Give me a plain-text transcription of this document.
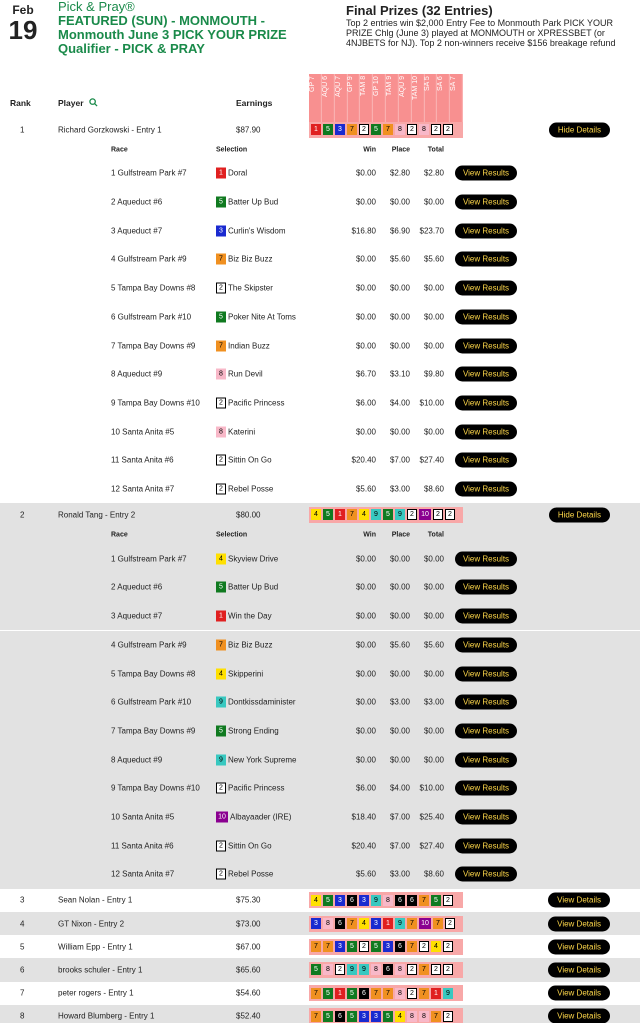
Feb
19
Pick & Pray®
FEATURED (SUN) - MONMOUTH -
Monmouth June 3 PICK YOUR PRIZE
Qualifier - PICK & PRAY
Final Prizes (32 Entries)

Top 2 entries win $2,000 Entry Fee to Monmouth Park PICK YOUR PRIZE Chlg (June 3) played at MONMOUTH or XPRESSBET (or 4NJBETS for NJ). Top 2 non-winners receive $156 breakage refund

Rank	Player	Earnings
GP 7 AQU 6 AQU 7 GP 9 TAM 8 GP 10 TAM 9 AQU 9 TAM 10 SA 5 SA 6 SA 7
1	Richard Gorzkowski - Entry 1	$87.90	1	5	3	7	2	5	7	8	2	8	2	2	Hide Details
Race	Selection	Win	Place	Total
1 Gulfstream Park #7	1 Doral	$0.00	$2.80	$2.80	View Results
2 Aqueduct #6	5 Batter Up Bud	$0.00	$0.00	$0.00	View Results
3 Aqueduct #7	3 Curlin's Wisdom	$16.80	$6.90	$23.70	View Results
4 Gulfstream Park #9	7 Biz Biz Buzz	$0.00	$5.60	$5.60	View Results
5 Tampa Bay Downs #8	2 The Skipster	$0.00	$0.00	$0.00	View Results
6 Gulfstream Park #10	5 Poker Nite At Toms	$0.00	$0.00	$0.00	View Results
7 Tampa Bay Downs #9	7 Indian Buzz	$0.00	$0.00	$0.00	View Results
8 Aqueduct #9	8 Run Devil	$6.70	$3.10	$9.80	View Results
9 Tampa Bay Downs #10	2 Pacific Princess	$6.00	$4.00	$10.00	View Results
10 Santa Anita #5	8 Katerini	$0.00	$0.00	$0.00	View Results
11 Santa Anita #6	2 Sittin On Go	$20.40	$7.00	$27.40	View Results
12 Santa Anita #7	2 Rebel Posse	$5.60	$3.00	$8.60	View Results
2	Ronald Tang - Entry 2	$80.00	4	5	1	7	4	9	5	9	2	10	2	2	Hide Details
Race	Selection	Win	Place	Total
1 Gulfstream Park #7	4 Skyview Drive	$0.00	$0.00	$0.00	View Results
2 Aqueduct #6	5 Batter Up Bud	$0.00	$0.00	$0.00	View Results
3 Aqueduct #7	1 Win the Day	$0.00	$0.00	$0.00	View Results
4 Gulfstream Park #9	7 Biz Biz Buzz	$0.00	$5.60	$5.60	View Results
5 Tampa Bay Downs #8	4 Skipperini	$0.00	$0.00	$0.00	View Results
6 Gulfstream Park #10	9 Dontkissdaminister	$0.00	$3.00	$3.00	View Results
7 Tampa Bay Downs #9	5 Strong Ending	$0.00	$0.00	$0.00	View Results
8 Aqueduct #9	9 New York Supreme	$0.00	$0.00	$0.00	View Results
9 Tampa Bay Downs #10	2 Pacific Princess	$6.00	$4.00	$10.00	View Results
10 Santa Anita #5	10 Albayaader (IRE)	$18.40	$7.00	$25.40	View Results
11 Santa Anita #6	2 Sittin On Go	$20.40	$7.00	$27.40	View Results
12 Santa Anita #7	2 Rebel Posse	$5.60	$3.00	$8.60	View Results
3	Sean Nolan - Entry 1	$75.30	4	5	3	6	3	9	8	6	6	7	5	2	View Details
4	GT Nixon - Entry 2	$73.00	3	8	6	7	4	3	1	9	7	10	7	2	View Details
5	William Epp - Entry 1	$67.00	7	7	3	5	2	5	3	6	7	2	4	2	View Details
6	brooks schuler - Entry 1	$65.60	5	8	2	9	9	8	6	8	2	7	2	2	View Details
7	peter rogers - Entry 1	$54.60	7	5	1	5	6	7	7	8	2	7	1	9	View Details
8	Howard Blumberg - Entry 1	$52.40	7	5	6	5	3	3	5	4	8	8	7	2	View Details
